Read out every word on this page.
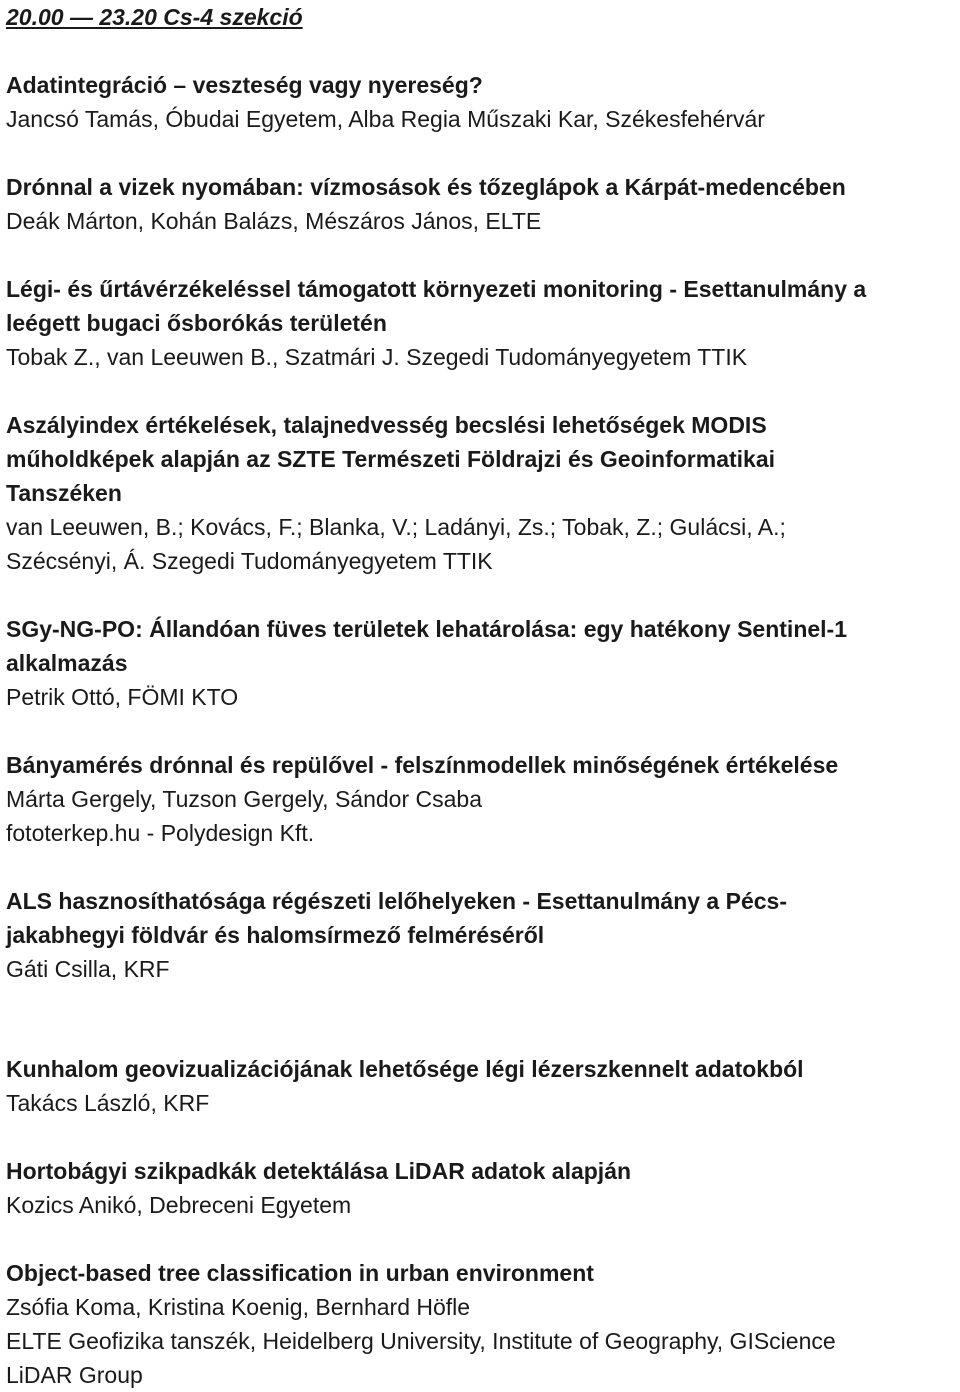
20.00 — 23.20 Cs-4 szekció
Adatintegráció – veszteség vagy nyereség?
Jancsó Tamás, Óbudai Egyetem, Alba Regia Műszaki Kar, Székesfehérvár
Drónnal a vizek nyomában: vízmosások és tőzeglápok a Kárpát-medencében
Deák Márton, Kohán Balázs, Mészáros János, ELTE
Légi- és űrtávérzékeléssel támogatott környezeti monitoring - Esettanulmány a
leégett bugaci ősborókás területén
Tobak Z., van Leeuwen B., Szatmári J. Szegedi Tudományegyetem TTIK
Aszályindex értékelések, talajnedvesség becslési lehetőségek MODIS
műholdképek alapján az SZTE Természeti Földrajzi és Geoinformatikai
Tanszéken
van Leeuwen, B.; Kovács, F.; Blanka, V.; Ladányi, Zs.; Tobak, Z.; Gulácsi, A.;
Szécsényi, Á. Szegedi Tudományegyetem TTIK
SGy-NG-PO: Állandóan füves területek lehatárolása: egy hatékony Sentinel-1
alkalmazás
Petrik Ottó, FÖMI KTO
Bányamérés drónnal és repülővel - felszínmodellek minőségének értékelése
Márta Gergely, Tuzson Gergely, Sándor Csaba
fototerkep.hu - Polydesign Kft.
ALS hasznosíthatósága régészeti lelőhelyeken - Esettanulmány a Pécs-
jakabhegyi földvár és halomsírmező felméréséről
Gáti Csilla, KRF
Kunhalom geovizualizációjának lehetősége légi lézerszkennelt adatokból
Takács László, KRF
Hortobágyi szikpadkák detektálása LiDAR adatok alapján
Kozics Anikó, Debreceni Egyetem
Object-based tree classification in urban environment
Zsófia Koma, Kristina Koenig, Bernhard Höfle
ELTE Geofizika tanszék, Heidelberg University, Institute of Geography, GIScience
LiDAR Group
